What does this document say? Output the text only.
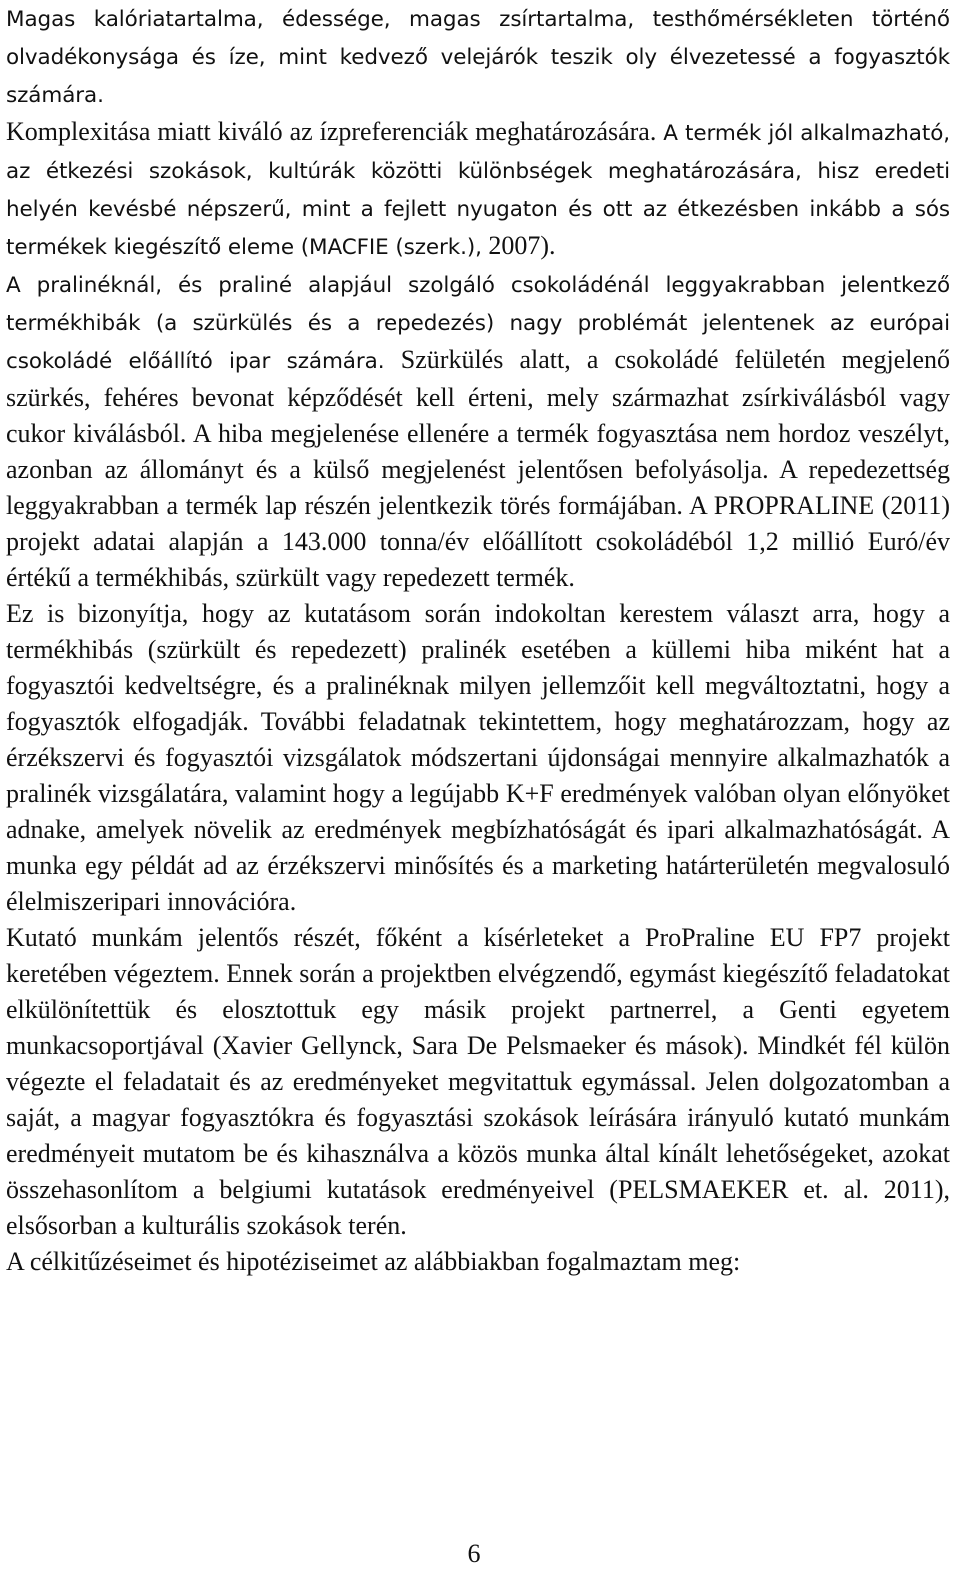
Magas kalóriatartalma, édessége, magas zsírtartalma, testhőmérsékleten történő olvadékonysága és íze, mint kedvező velejárók teszik oly élvezetessé a fogyasztók számára.

Komplexitása miatt kiváló az ízpreferenciák meghatározására. A termék jól alkalmazható, az étkezési szokások, kultúrák közötti különbségek meghatározására, hisz eredeti helyén kevésbé népszerű, mint a fejlett nyugaton és ott az étkezésben inkább a sós termékek kiegészítő eleme (MACFIE (szerk.), 2007).

A pralinéknál, és praliné alapjául szolgáló csokoládénál leggyakrabban jelentkező termékhibák (a szürkülés és a repedezés) nagy problémát jelentenek az európai csokoládé előállító ipar számára. Szürkülés alatt, a csokoládé felületén megjelenő szürkés, fehéres bevonat képződését kell érteni, mely származhat zsírkiválásból vagy cukor kiválásból. A hiba megjelenése ellenére a termék fogyasztása nem hordoz veszélyt, azonban az állományt és a külső megjelenést jelentősen befolyásolja. A repedezettség leggyakrabban a termék lap részén jelentkezik törés formájában. A PROPRALINE (2011) projekt adatai alapján a 143.000 tonna/év előállított csokoládéból 1,2 millió Euró/év értékű a termékhibás, szürkült vagy repedezett termék.

Ez is bizonyítja, hogy az kutatásom során indokoltan kerestem választ arra, hogy a termékhibás (szürkült és repedezett) pralinék esetében a küllemi hiba miként hat a fogyasztói kedveltségre, és a pralinéknak milyen jellemzőit kell megváltoztatni, hogy a fogyasztók elfogadják. További feladatnak tekintettem, hogy meghatározzam, hogy az érzékszervi és fogyasztói vizsgálatok módszertani újdonságai mennyire alkalmazhatók a pralinék vizsgálatára, valamint hogy a legújabb K+F eredmények valóban olyan előnyöket adnake, amelyek növelik az eredmények megbízhatóságát és ipari alkalmazhatóságát. A munka egy példát ad az érzékszervi minősítés és a marketing határterületén megvalosuló élelmiszeripari innovációra.

Kutató munkám jelentős részét, főként a kísérleteket a ProPraline EU FP7 projekt keretében végeztem. Ennek során a projektben elvégzendő, egymást kiegészítő feladatokat elkülönítettük és elosztottuk egy másik projekt partnerrel, a Genti egyetem munkacsoportjával (Xavier Gellynck, Sara De Pelsmaeker és mások). Mindkét fél külön végezte el feladatait és az eredményeket megvitattuk egymással. Jelen dolgozatomban a saját, a magyar fogyasztókra és fogyasztási szokások leírására irányuló kutató munkám eredményeit mutatom be és kihasználva a közös munka által kínált lehetőségeket, azokat összehasonlítom a belgiumi kutatások eredményeivel (PELSMAEKER et. al. 2011), elsősorban a kulturális szokások terén.

A célkitűzéseimet és hipotéziseimet az alábbiakban fogalmaztam meg:

6
